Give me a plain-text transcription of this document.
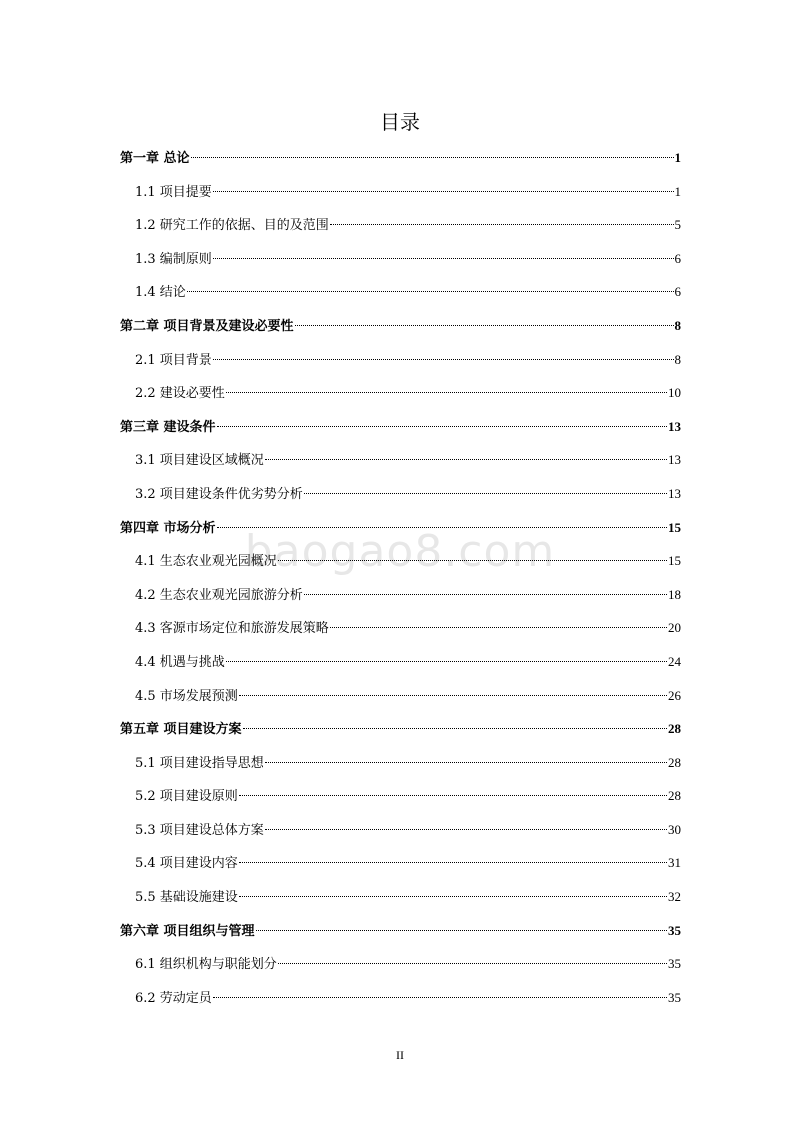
目录
第一章 总论	1
1.1 项目提要	1
1.2 研究工作的依据、目的及范围	5
1.3 编制原则	6
1.4 结论	6
第二章 项目背景及建设必要性	8
2.1 项目背景	8
2.2 建设必要性	10
第三章 建设条件	13
3.1 项目建设区域概况	13
3.2 项目建设条件优劣势分析	13
第四章 市场分析	15
4.1 生态农业观光园概况	15
4.2 生态农业观光园旅游分析	18
4.3 客源市场定位和旅游发展策略	20
4.4 机遇与挑战	24
4.5 市场发展预测	26
第五章 项目建设方案	28
5.1 项目建设指导思想	28
5.2 项目建设原则	28
5.3 项目建设总体方案	30
5.4 项目建设内容	31
5.5 基础设施建设	32
第六章 项目组织与管理	35
6.1 组织机构与职能划分	35
6.2 劳动定员	35
baogao8.com
II
